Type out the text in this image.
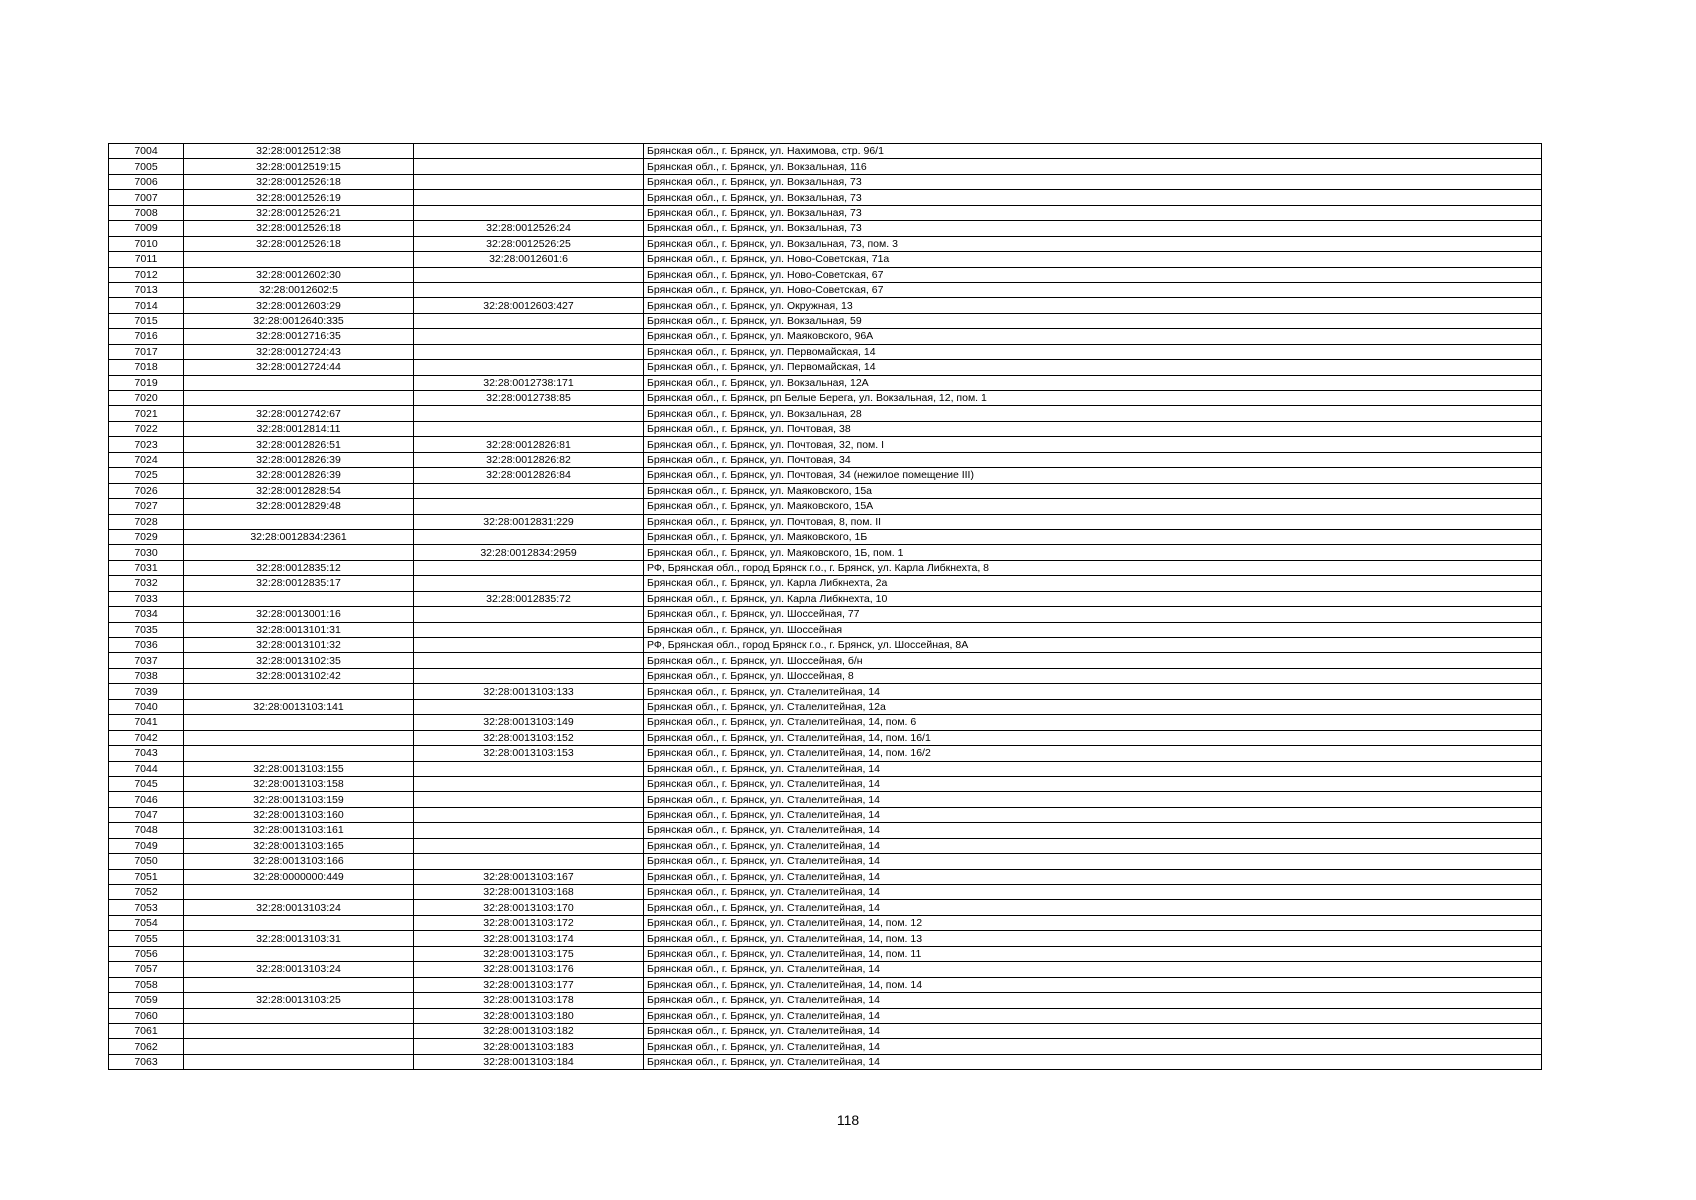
7004	32:28:0012512:38		Брянская обл., г. Брянск, ул. Нахимова, стр. 96/1
7005	32:28:0012519:15		Брянская обл., г. Брянск, ул. Вокзальная, 116
7006	32:28:0012526:18		Брянская обл., г. Брянск, ул. Вокзальная, 73
7007	32:28:0012526:19		Брянская обл., г. Брянск, ул. Вокзальная, 73
7008	32:28:0012526:21		Брянская обл., г. Брянск, ул. Вокзальная, 73
7009	32:28:0012526:18	32:28:0012526:24	Брянская обл., г. Брянск, ул. Вокзальная, 73
7010	32:28:0012526:18	32:28:0012526:25	Брянская обл., г. Брянск, ул. Вокзальная, 73, пом. 3
7011		32:28:0012601:6	Брянская обл., г. Брянск, ул. Ново-Советская, 71а
7012	32:28:0012602:30		Брянская обл., г. Брянск, ул. Ново-Советская, 67
7013	32:28:0012602:5		Брянская обл., г. Брянск, ул. Ново-Советская, 67
7014	32:28:0012603:29	32:28:0012603:427	Брянская обл., г. Брянск, ул. Окружная, 13
7015	32:28:0012640:335		Брянская обл., г. Брянск, ул. Вокзальная, 59
7016	32:28:0012716:35		Брянская обл., г. Брянск, ул. Маяковского, 96А
7017	32:28:0012724:43		Брянская обл., г. Брянск, ул. Первомайская, 14
7018	32:28:0012724:44		Брянская обл., г. Брянск, ул. Первомайская, 14
7019		32:28:0012738:171	Брянская обл., г. Брянск, ул. Вокзальная, 12А
7020		32:28:0012738:85	Брянская обл., г. Брянск, рп Белые Берега, ул. Вокзальная, 12, пом. 1
7021	32:28:0012742:67		Брянская обл., г. Брянск, ул. Вокзальная, 28
7022	32:28:0012814:11		Брянская обл., г. Брянск, ул. Почтовая, 38
7023	32:28:0012826:51	32:28:0012826:81	Брянская обл., г. Брянск, ул. Почтовая, 32, пом. I
7024	32:28:0012826:39	32:28:0012826:82	Брянская обл., г. Брянск, ул. Почтовая, 34
7025	32:28:0012826:39	32:28:0012826:84	Брянская обл., г. Брянск, ул. Почтовая, 34 (нежилое помещение III)
7026	32:28:0012828:54		Брянская обл., г. Брянск, ул. Маяковского, 15а
7027	32:28:0012829:48		Брянская обл., г. Брянск, ул. Маяковского, 15А
7028		32:28:0012831:229	Брянская обл., г. Брянск, ул. Почтовая, 8, пом. II
7029	32:28:0012834:2361		Брянская обл., г. Брянск, ул. Маяковского, 1Б
7030		32:28:0012834:2959	Брянская обл., г. Брянск, ул. Маяковского, 1Б, пом. 1
7031	32:28:0012835:12		РФ, Брянская обл., город Брянск г.о., г. Брянск, ул. Карла Либкнехта, 8
7032	32:28:0012835:17		Брянская обл., г. Брянск, ул. Карла Либкнехта, 2а
7033		32:28:0012835:72	Брянская обл., г. Брянск, ул. Карла Либкнехта, 10
7034	32:28:0013001:16		Брянская обл., г. Брянск, ул. Шоссейная, 77
7035	32:28:0013101:31		Брянская обл., г. Брянск, ул. Шоссейная
7036	32:28:0013101:32		РФ, Брянская обл., город Брянск г.о., г. Брянск, ул. Шоссейная, 8А
7037	32:28:0013102:35		Брянская обл., г. Брянск, ул. Шоссейная, б/н
7038	32:28:0013102:42		Брянская обл., г. Брянск, ул. Шоссейная, 8
7039		32:28:0013103:133	Брянская обл., г. Брянск, ул. Сталелитейная, 14
7040	32:28:0013103:141		Брянская обл., г. Брянск, ул. Сталелитейная, 12а
7041		32:28:0013103:149	Брянская обл., г. Брянск, ул. Сталелитейная, 14, пом. 6
7042		32:28:0013103:152	Брянская обл., г. Брянск, ул. Сталелитейная, 14, пом. 16/1
7043		32:28:0013103:153	Брянская обл., г. Брянск, ул. Сталелитейная, 14, пом. 16/2
7044	32:28:0013103:155		Брянская обл., г. Брянск, ул. Сталелитейная, 14
7045	32:28:0013103:158		Брянская обл., г. Брянск, ул. Сталелитейная, 14
7046	32:28:0013103:159		Брянская обл., г. Брянск, ул. Сталелитейная, 14
7047	32:28:0013103:160		Брянская обл., г. Брянск, ул. Сталелитейная, 14
7048	32:28:0013103:161		Брянская обл., г. Брянск, ул. Сталелитейная, 14
7049	32:28:0013103:165		Брянская обл., г. Брянск, ул. Сталелитейная, 14
7050	32:28:0013103:166		Брянская обл., г. Брянск, ул. Сталелитейная, 14
7051	32:28:0000000:449	32:28:0013103:167	Брянская обл., г. Брянск, ул. Сталелитейная, 14
7052		32:28:0013103:168	Брянская обл., г. Брянск, ул. Сталелитейная, 14
7053	32:28:0013103:24	32:28:0013103:170	Брянская обл., г. Брянск, ул. Сталелитейная, 14
7054		32:28:0013103:172	Брянская обл., г. Брянск, ул. Сталелитейная, 14, пом. 12
7055	32:28:0013103:31	32:28:0013103:174	Брянская обл., г. Брянск, ул. Сталелитейная, 14, пом. 13
7056		32:28:0013103:175	Брянская обл., г. Брянск, ул. Сталелитейная, 14, пом. 11
7057	32:28:0013103:24	32:28:0013103:176	Брянская обл., г. Брянск, ул. Сталелитейная, 14
7058		32:28:0013103:177	Брянская обл., г. Брянск, ул. Сталелитейная, 14, пом. 14
7059	32:28:0013103:25	32:28:0013103:178	Брянская обл., г. Брянск, ул. Сталелитейная, 14
7060		32:28:0013103:180	Брянская обл., г. Брянск, ул. Сталелитейная, 14
7061		32:28:0013103:182	Брянская обл., г. Брянск, ул. Сталелитейная, 14
7062		32:28:0013103:183	Брянская обл., г. Брянск, ул. Сталелитейная, 14
7063		32:28:0013103:184	Брянская обл., г. Брянск, ул. Сталелитейная, 14
118
